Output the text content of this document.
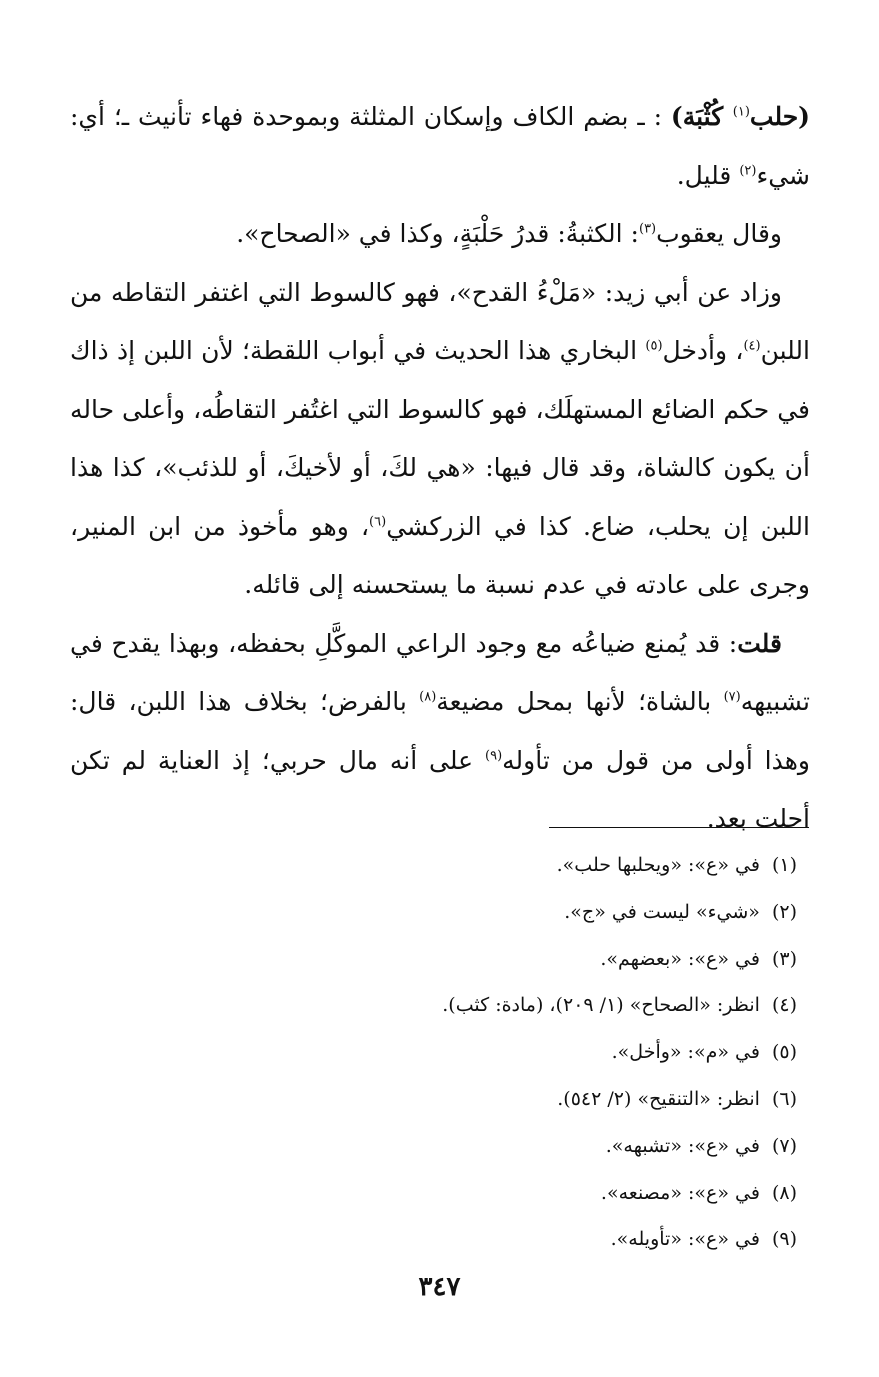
(حلب$^{(١)}$ كُثْبَة) : ـ بضم الكاف وإسكان المثلثة وبموحدة فهاء تأنيث ـ؛ أي: شيء$^{(٢)}$ قليل.

وقال يعقوب$^{(٣)}$: الكثبةُ: قدرُ حَلْبَةٍ، وكذا في «الصحاح».

وزاد عن أبي زيد: «مَلْءُ القدح»، فهو كالسوط التي اغتفر التقاطه من اللبن$^{(٤)}$، وأدخل$^{(٥)}$ البخاري هذا الحديث في أبواب اللقطة؛ لأن اللبن إذ ذاك في حكم الضائع المستهلَك، فهو كالسوط التي اغتُفر التقاطُه، وأعلى حاله أن يكون كالشاة، وقد قال فيها: «هي لكَ، أو لأخيكَ، أو للذئب»، كذا هذا اللبن إن يحلب، ضاع. كذا في الزركشي$^{(٦)}$، وهو مأخوذ من ابن المنير، وجرى على عادته في عدم نسبة ما يستحسنه إلى قائله.

قلت: قد يُمنع ضياعُه مع وجود الراعي الموكَّلِ بحفظه، وبهذا يقدح في تشبيهه$^{(٧)}$ بالشاة؛ لأنها بمحل مضيعة$^{(٨)}$ بالفرض؛ بخلاف هذا اللبن، قال: وهذا أولى من قول من تأوله$^{(٩)}$ على أنه مال حربي؛ إذ العناية لم تكن أحلت بعد.

(١)في «ع»: «ويحلبها حلب».
(٢)«شيء» ليست في «ج».
(٣)في «ع»: «بعضهم».
(٤)انظر: «الصحاح» (١/ ٢٠٩)، (مادة: كثب).
(٥)في «م»: «وأخل».
(٦)انظر: «التنقيح» (٢/ ٥٤٢).
(٧)في «ع»: «تشبهه».
(٨)في «ع»: «مصنعه».
(٩)في «ع»: «تأويله».
٣٤٧
